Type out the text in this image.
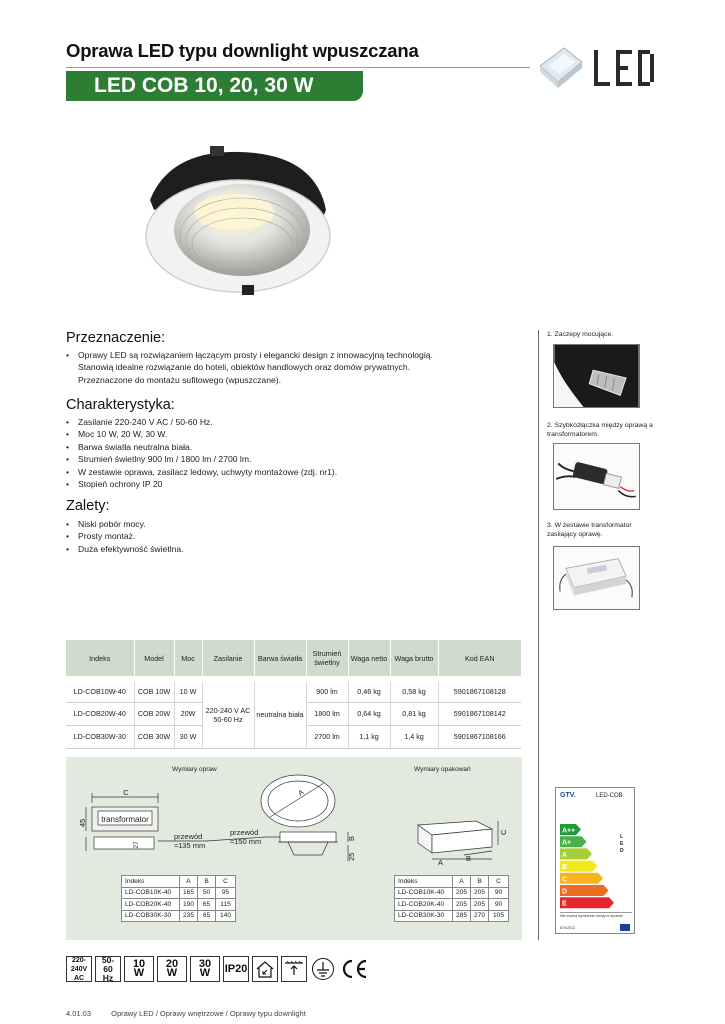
Oprawa LED typu downlight wpuszczana
LED COB 10, 20, 30 W
Przeznaczenie:
• Oprawy LED są rozwiązaniem łączącym prosty i elegancki design z innowacyjną technologią. Stanowią idealne rozwiązanie do hoteli, obiektów handlowych oraz domów prywatnych. Przeznaczone do montażu sufitowego (wpuszczane).
Charakterystyka:
• Zasilanie 220-240 V AC / 50-60 Hz.
• Moc 10 W, 20 W, 30 W.
• Barwa światła neutralna biała.
• Strumień świetlny 900 lm / 1800 lm / 2700 lm.
• W zestawie oprawa, zasilacz ledowy, uchwyty montażowe (zdj. nr1).
• Stopień ochrony IP 20
Zalety:
• Niski pobór mocy.
• Prosty montaż.
• Duża efektywność świetlna.
1. Zaczepy mocujące.
2. Szybkozłączka między oprawą a transformatorem.
3. W zestawie transformator zasilający oprawę.
Indeks	Model	Moc	Zasilanie	Barwa światła	Strumień świetlny	Waga netto	Waga brutto	Kod EAN
LD-COB10W-40	COB 10W	10 W	220-240 V AC 50-60 Hz	neutralna biała	900 lm	0,46 kg	0,58 kg	5901867108128
LD-COB20W-40	COB 20W	20W			1800 lm	0,64 kg	0,81 kg	5901867108142
LD-COB30W-30	COB 30W	30 W			2700 lm	1,1 kg	1,4 kg	5901867108166
Wymiary opraw	Wymiary opakowań
C
transformator
45
27
przewód
≈135 mm
przewód
≈150 mm
A
B
25
A	B
C
Indeks	A	B	C
LD-COB10K-40	165	50	95
LD-COB20K-40	190	65	115
LD-COB30K-30	235	65	140
Indeks	A	B	C
LD-COB10K-40	205	205	90
LD-COB20K-40	205	205	90
LD-COB30K-30	285	270	105
GTV.	LED-COB
A++
A+
A
B
C
D
E
L
E
D
Nie można wymieniać lampy w oprawie
874/2012
220-240V AC
50-60
Hz
10 W
20 W
30 W	IP20
4.01.03	Oprawy LED / Oprawy wnętrzowe / Oprawy typu downlight
